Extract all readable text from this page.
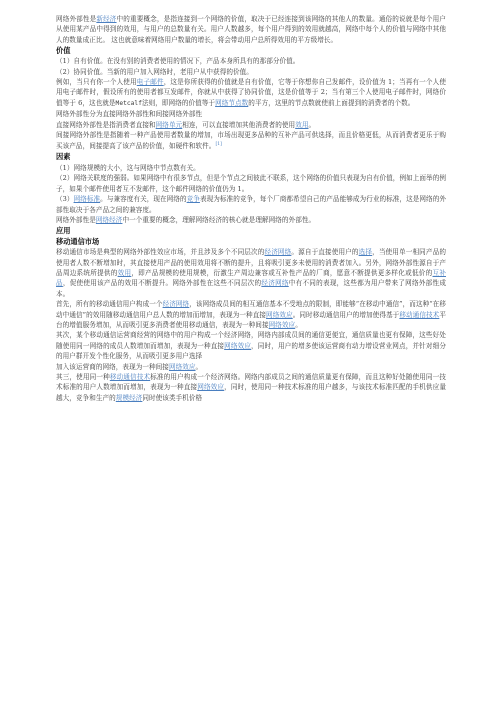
网络外部性是新经济中的重要概念，是指连接到一个网络的价值，取决于已经连接到该网络的其他人的数量。通俗的说就是每个用户从使用某产品中得到的效用，与用户的总数量有关。用户人数越多，每个用户得到的效用就越高，网络中每个人的价值与网络中其他人的数量成正比。 这也就意味着网络用户数量的增长，将会带动用户总所得效用的平方级增长。

价值

（1）自有价值。在没有别的消费者使用的情况下，产品本身所具有的那部分价值。

（2）协同价值。当新的用户加入网络时，老用户从中获得的价值。

例如，当只有你一个人使用电子邮件，这是你所获得的价值就是自有价值，它等于你想你自己发邮件，设价值为 1；当再有一个人使用电子邮件时，假设所有的使用者都互发邮件，你就从中获得了协同价值，这是价值等于 2；当有第三个人使用电子邮件时，网络价值等于 6，这也就是Metcalf法则，即网络的价值等于网络节点数的平方，这里的节点数就使前上面提到的消费者的个数。

网络外部性分为直接网络外部性和间接网络外部性

直接网络外部性是指消费者直接和网络单元相连，可以直接增加其他消费者的使用效用。

间接网络外部性是指随着一种产品使用者数量的增加，市场出现更多品种的互补产品可供选择，而且价格更低，从而消费者更乐于购买该产品，间接提高了该产品的价值，如硬件和软件。[1]

因素

（1）网络规模的大小，这与网络中节点数有关。

（2）网络关联度的强弱。如果网络中有很多节点，但是个节点之间彼此不联系，这个网络的价值只表现为自有价值，例如上面举的例子，如果个邮件使用者互不发邮件，这个邮件网络的价值仍为 1。

（3）网络标准。与兼容度有关，现在网络的竞争表现为标准的竞争，每个厂商都希望自己的产品能够成为行业的标准，这是网络的外部性取决于各产品之间的兼容度。

网络外部性是网络经济中一个重要的概念，理解网络经济的核心就是理解网络的外部性。

应用
移动通信市场

移动通信市场是典型的网络外部性效应市场，并且涉及多个不同层次的经济网络。源自于直接使用户的选择，当使用单一相同产品的使用者人数不断增加时，其直接使用产品的使用效用将不断的提升，且将吸引更多未使用的消费者加入。另外，网络外部性源自于产品周边系统所提供的效用，即产品规模的使用规模，衍激生产周边兼容或互补性产品的厂商，愿意不断提供更多样化或低价的互补品，促使使用该产品的效用不断提升。网络外部性在这些不同层次的经济网络中有不同的表现，这些都为用户带来了网络外部性成本。

首先，所有的移动通信用户构成一个经济网络，该网络成员间的相互通信基本不受地点的限制，即能够“在移动中通信”，而这种“在移动中通信”的效用随移动通信用户总人数的增加而增加，表现为一种直接网络效应。同时移动通信用户的增加使得基于移动通信技术平台的增值服务增加，从而吸引更多消费者使用移动通信，表现为一种间接网络效应。

其次，某个移动通信运营商经营的网络中的用户构成一个经济网络，网络内部成员间的通信更便宜，通信质量也更有保障，这些好处随使用同一网络的成员人数增加而增加，表现为一种直接网络效应，同时，用户的增多使该运营商有动力增设营业网点，并针对细分的用户群开发个性化服务，从而吸引更多用户选择

加入该运营商的网络，表现为一种间接网络效应。

其三，使用同一种移动通信技术标准的用户构成一个经济网络。网络内部成员之间的通信质量更有保障，而且这种好处随使用同一技术标准的用户人数增加而增加，表现为一种直接网络效应，同时，使用同一种技术标准的用户越多，与该技术标准匹配的手机供应量越大，竞争和生产的规模经济同时使该类手机价格
